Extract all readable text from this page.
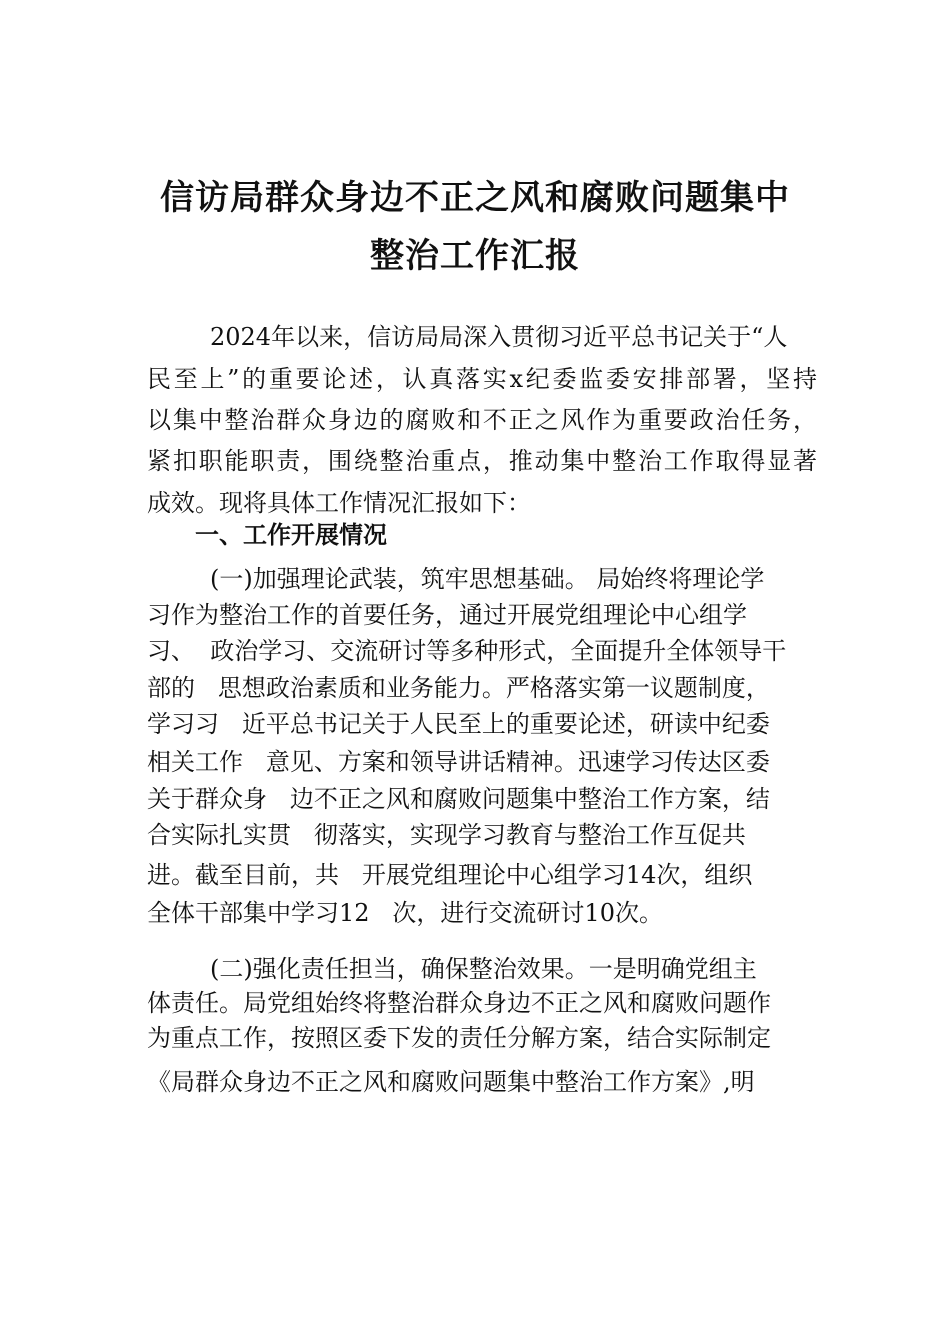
信访局群众身边不正之风和腐败问题集中
整治工作汇报
2024年以来，信访局局深入贯彻习近平总书记关于“人
民至上”的重要论述，认真落实x纪委监委安排部署，坚持
以集中整治群众身边的腐败和不正之风作为重要政治任务，
紧扣职能职责，围绕整治重点，推动集中整治工作取得显著
成效。现将具体工作情况汇报如下：
一、工作开展情况
(一)加强理论武装，筑牢思想基础。 局始终将理论学
习作为整治工作的首要任务，通过开展党组理论中心组学
习、  政治学习、交流研讨等多种形式，全面提升全体领导干
部的   思想政治素质和业务能力。严格落实第一议题制度，
学习习   近平总书记关于人民至上的重要论述，研读中纪委
相关工作   意见、方案和领导讲话精神。迅速学习传达区委
关于群众身   边不正之风和腐败问题集中整治工作方案，结
合实际扎实贯   彻落实，实现学习教育与整治工作互促共
进。截至目前，共   开展党组理论中心组学习14次，组织
全体干部集中学习12   次，进行交流研讨10次。
(二)强化责任担当，确保整治效果。一是明确党组主
体责任。局党组始终将整治群众身边不正之风和腐败问题作
为重点工作，按照区委下发的责任分解方案，结合实际制定
《局群众身边不正之风和腐败问题集中整治工作方案》,明
